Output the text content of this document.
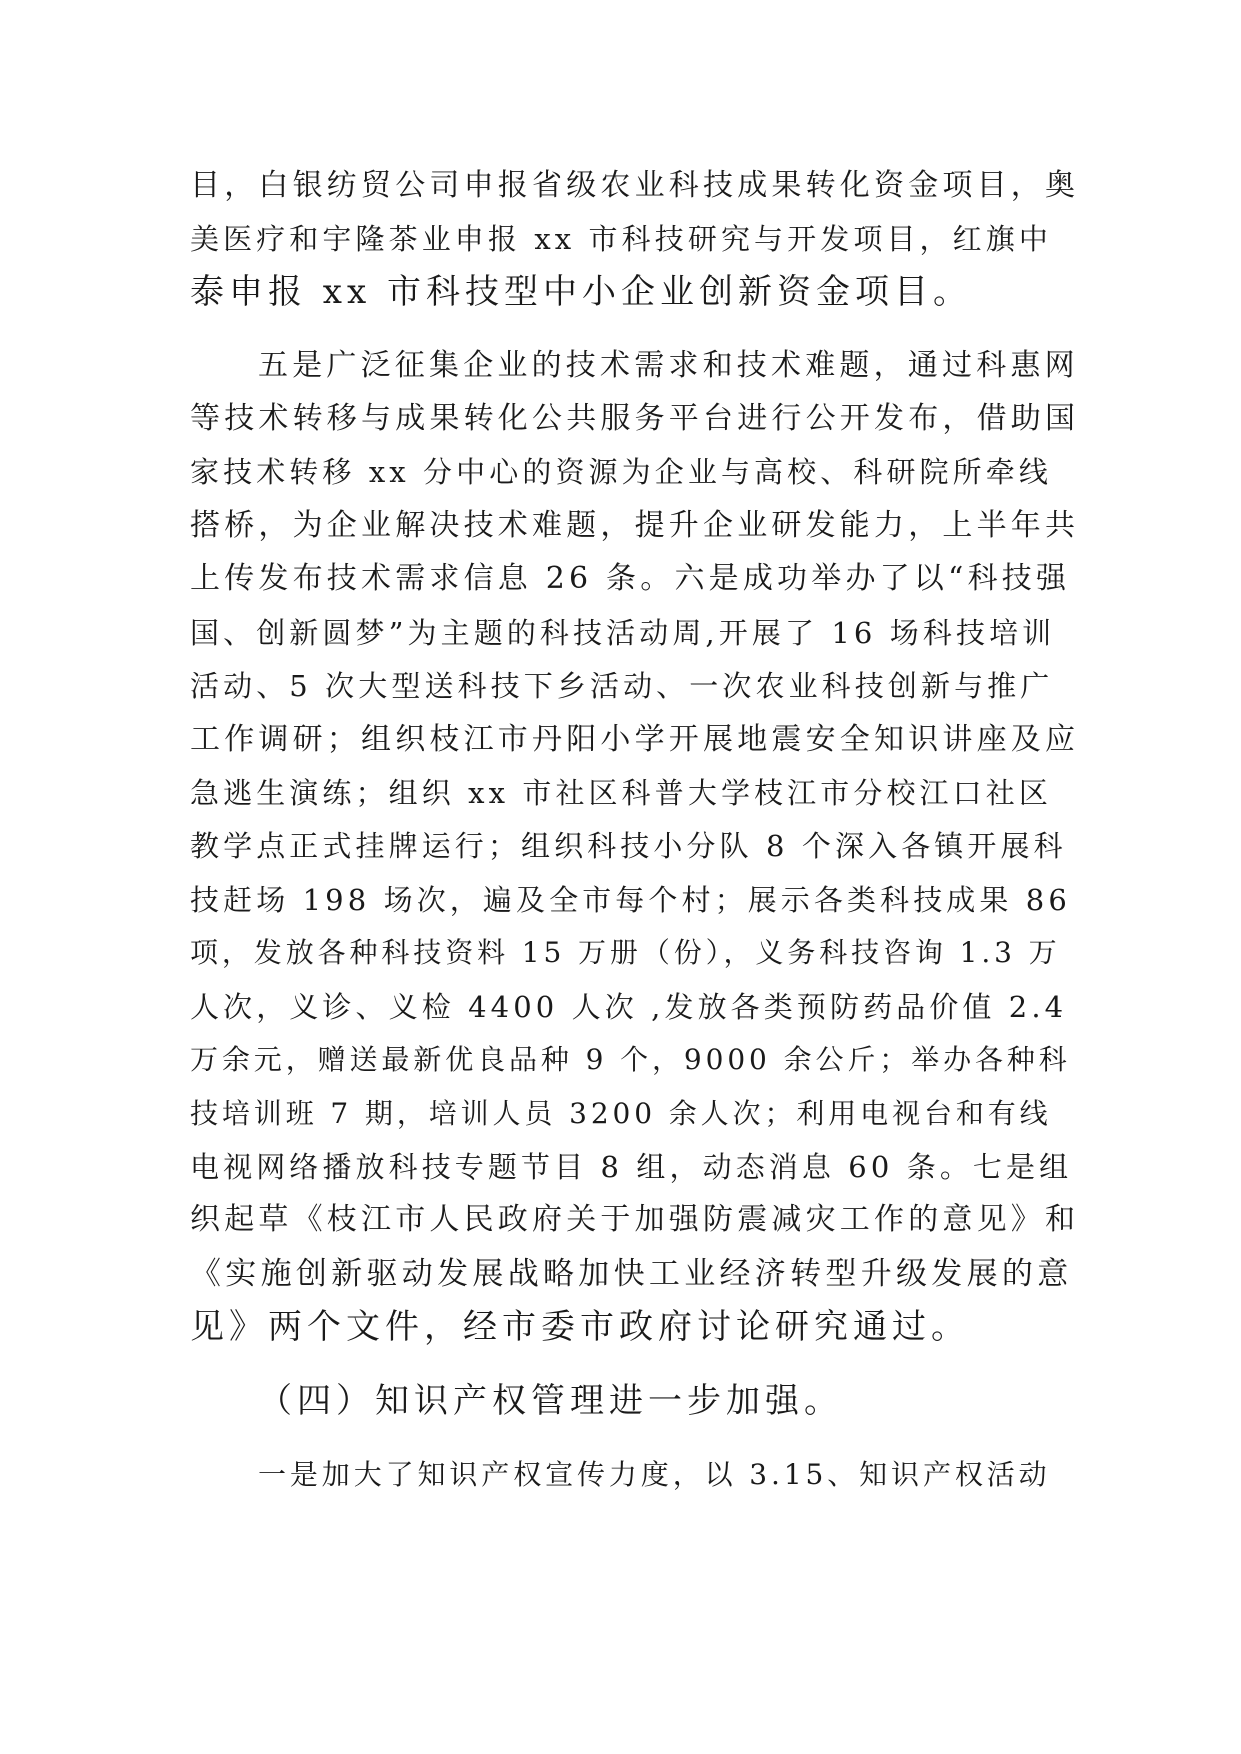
目，白银纺贸公司申报省级农业科技成果转化资金项目，奥

美医疗和宇隆茶业申报 xx 市科技研究与开发项目，红旗中

泰申报 xx 市科技型中小企业创新资金项目。

五是广泛征集企业的技术需求和技术难题，通过科惠网

等技术转移与成果转化公共服务平台进行公开发布，借助国

家技术转移 xx 分中心的资源为企业与高校、科研院所牵线

搭桥，为企业解决技术难题，提升企业研发能力，上半年共

上传发布技术需求信息 26 条。六是成功举办了以“科技强

国、创新圆梦”为主题的科技活动周,开展了 16 场科技培训

活动、5 次大型送科技下乡活动、一次农业科技创新与推广

工作调研；组织枝江市丹阳小学开展地震安全知识讲座及应

急逃生演练；组织 xx 市社区科普大学枝江市分校江口社区

教学点正式挂牌运行；组织科技小分队 8 个深入各镇开展科

技赶场 198 场次，遍及全市每个村；展示各类科技成果 86

项，发放各种科技资料 15 万册（份），义务科技咨询 1.3 万

人次，义诊、义检 4400 人次 ,发放各类预防药品价值 2.4

万余元，赠送最新优良品种 9 个，9000 余公斤；举办各种科

技培训班 7 期，培训人员 3200 余人次；利用电视台和有线

电视网络播放科技专题节目 8 组，动态消息 60 条。七是组

织起草《枝江市人民政府关于加强防震减灾工作的意见》和

《实施创新驱动发展战略加快工业经济转型升级发展的意

见》两个文件，经市委市政府讨论研究通过。

（四）知识产权管理进一步加强。

一是加大了知识产权宣传力度，以 3.15、知识产权活动
